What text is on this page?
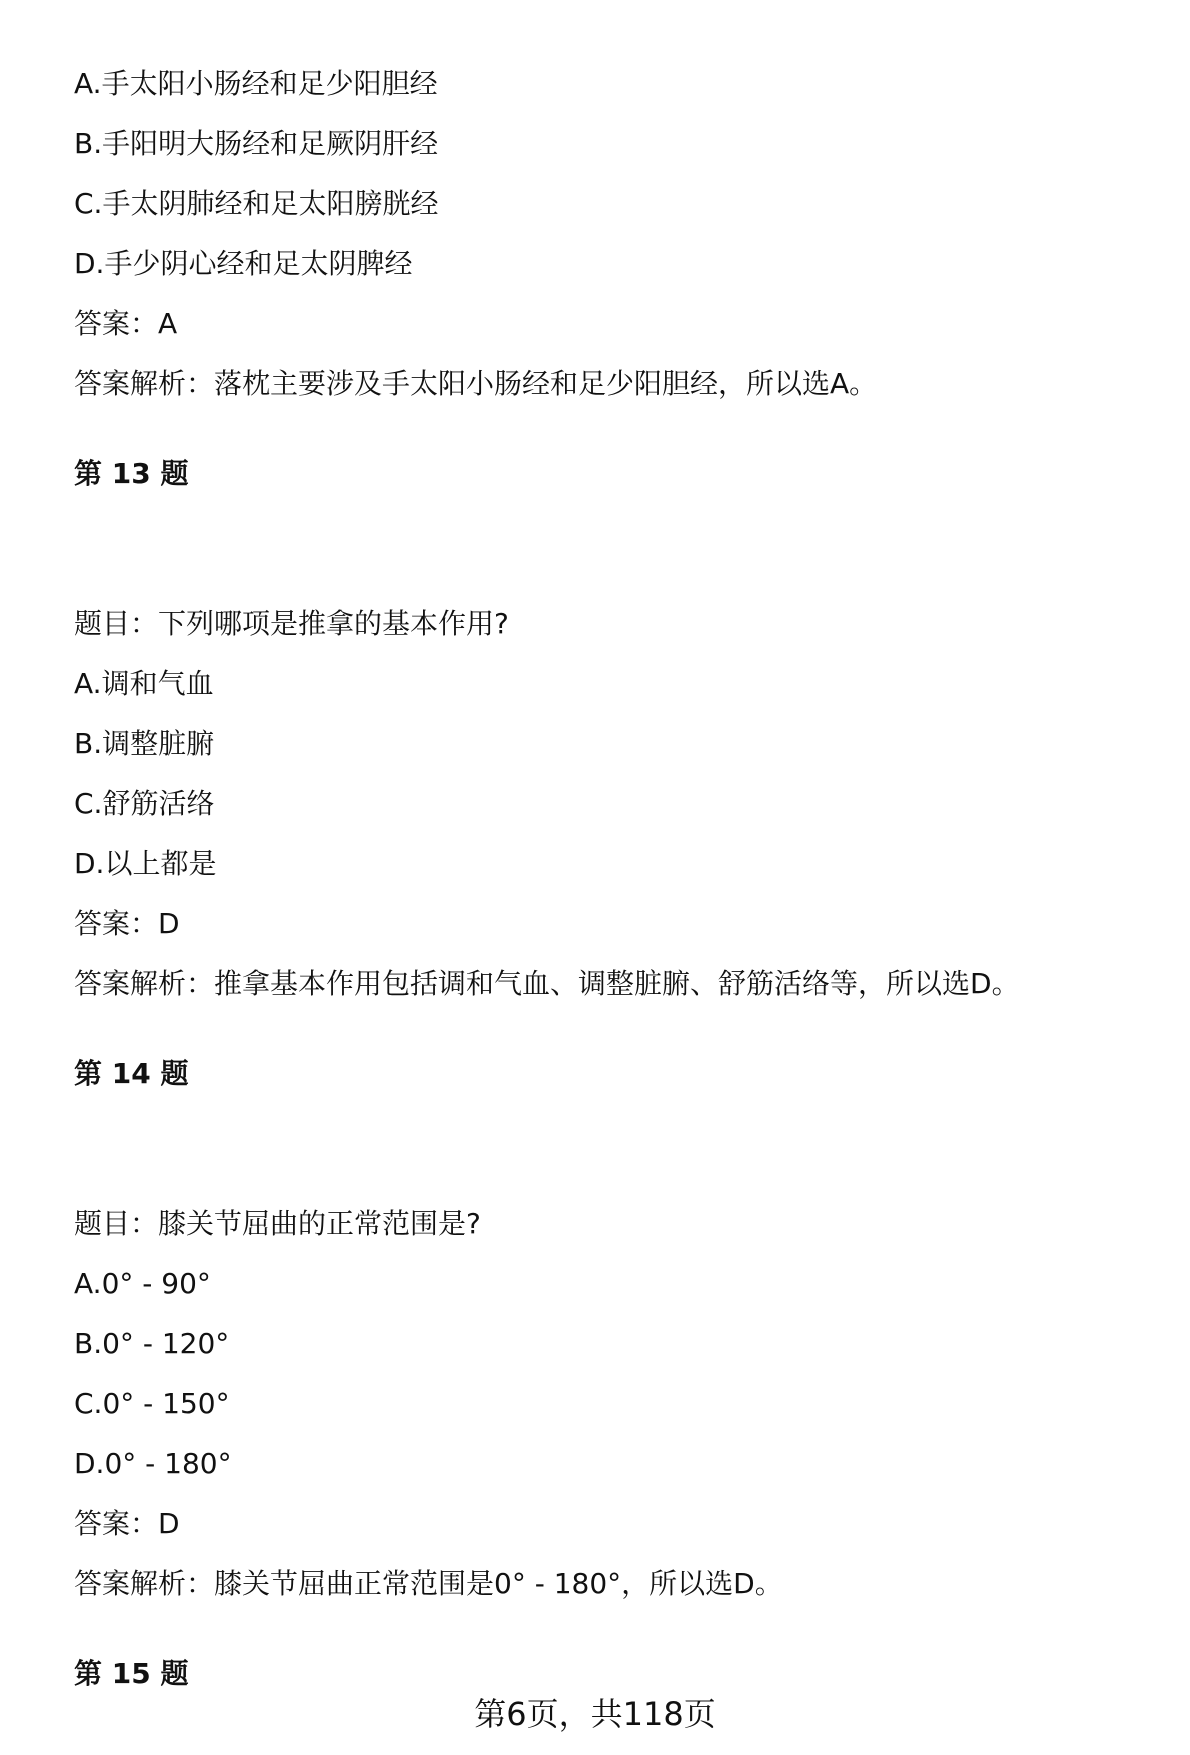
A.手太阳小肠经和足少阳胆经
B.手阳明大肠经和足厥阴肝经
C.手太阴肺经和足太阳膀胱经
D.手少阴心经和足太阴脾经
答案：A
答案解析：落枕主要涉及手太阳小肠经和足少阳胆经，所以选A。
第 13 题
题目：下列哪项是推拿的基本作用?
A.调和气血
B.调整脏腑
C.舒筋活络
D.以上都是
答案：D
答案解析：推拿基本作用包括调和气血、调整脏腑、舒筋活络等，所以选D。
第 14 题
题目：膝关节屈曲的正常范围是?
A.0° - 90°
B.0° - 120°
C.0° - 150°
D.0° - 180°
答案：D
答案解析：膝关节屈曲正常范围是0° - 180°，所以选D。
第 15 题
第6页，共118页
